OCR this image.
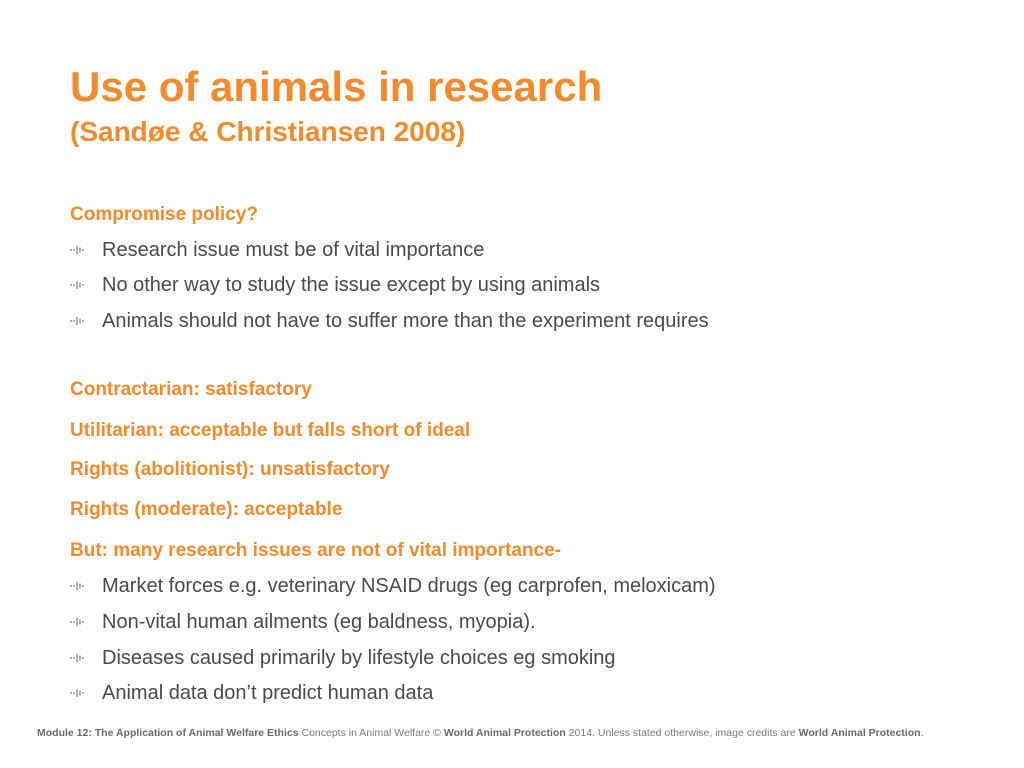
Use of animals in research
(Sandøe & Christiansen 2008)
Compromise policy?
Research issue must be of vital importance
No other way to study the issue except by using animals
Animals should not have to suffer more than the experiment requires
Contractarian: satisfactory
Utilitarian: acceptable but falls short of ideal
Rights (abolitionist): unsatisfactory
Rights (moderate): acceptable
But: many research issues are not of vital importance-
Market forces e.g. veterinary NSAID drugs (eg carprofen, meloxicam)
Non-vital human ailments (eg baldness, myopia).
Diseases caused primarily by lifestyle choices eg smoking
Animal data don’t predict human data
Module 12: The Application of Animal Welfare Ethics Concepts in Animal Welfare © World Animal Protection 2014. Unless stated otherwise, image credits are World Animal Protection.
